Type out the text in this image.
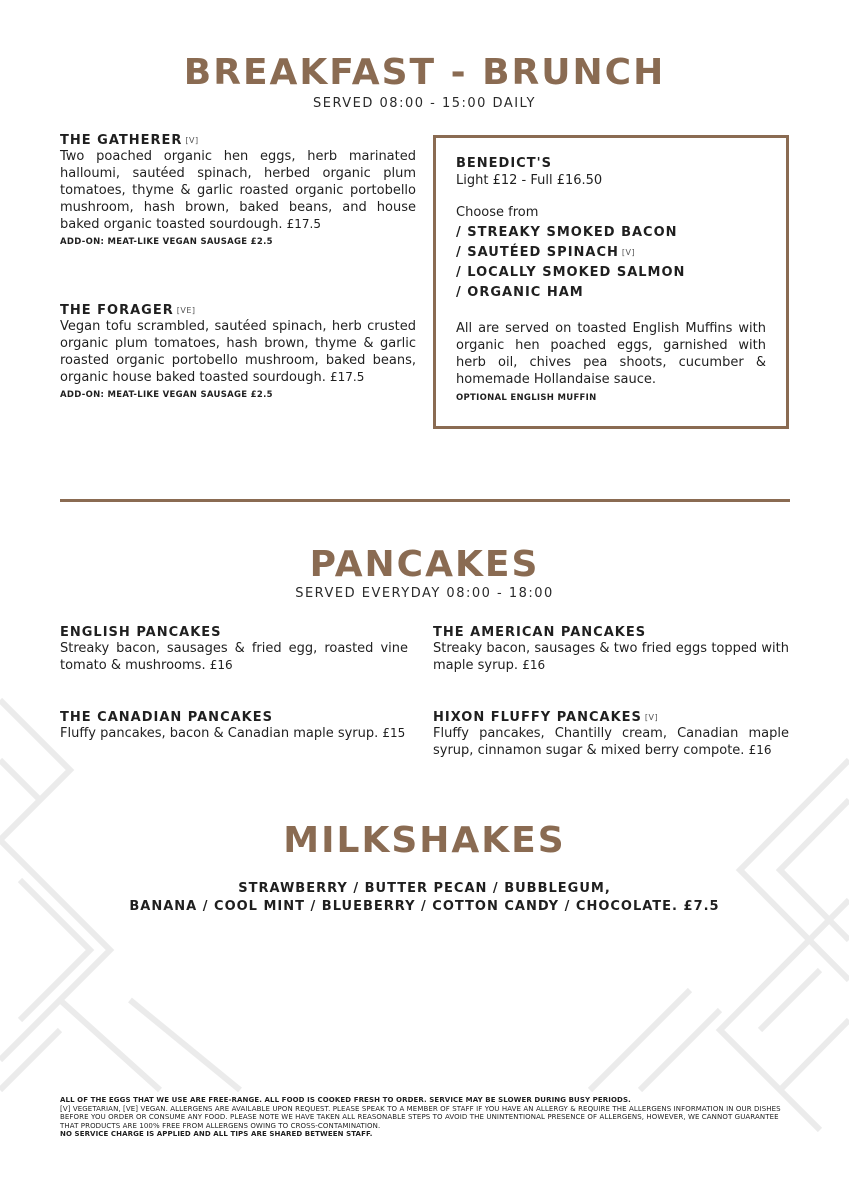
BREAKFAST - BRUNCH
SERVED 08:00 - 15:00 DAILY
THE GATHERER [V]
Two poached organic hen eggs, herb marinated halloumi, sautéed spinach, herbed organic plum tomatoes, thyme & garlic roasted organic portobello mushroom, hash brown, baked beans, and house baked organic toasted sourdough. £17.5
ADD-ON: MEAT-LIKE VEGAN SAUSAGE £2.5
THE FORAGER [VE]
Vegan tofu scrambled, sautéed spinach, herb crusted organic plum tomatoes, hash brown, thyme & garlic roasted organic portobello mushroom, baked beans, organic house baked toasted sourdough. £17.5
ADD-ON: MEAT-LIKE VEGAN SAUSAGE £2.5
BENEDICT'S
Light £12 - Full £16.50
Choose from
/ STREAKY SMOKED BACON
/ SAUTÉED SPINACH [V]
/ LOCALLY SMOKED SALMON
/ ORGANIC HAM
All are served on toasted English Muffins with organic hen poached eggs, garnished with herb oil, chives pea shoots, cucumber & homemade Hollandaise sauce.
OPTIONAL ENGLISH MUFFIN
PANCAKES
SERVED EVERYDAY 08:00 - 18:00
ENGLISH PANCAKES
Streaky bacon, sausages & fried egg, roasted vine tomato & mushrooms. £16
THE AMERICAN PANCAKES
Streaky bacon, sausages & two fried eggs topped with maple syrup. £16
THE CANADIAN PANCAKES
Fluffy pancakes, bacon & Canadian maple syrup. £15
HIXON FLUFFY PANCAKES [V]
Fluffy pancakes, Chantilly cream, Canadian maple syrup, cinnamon sugar & mixed berry compote. £16
MILKSHAKES
STRAWBERRY / BUTTER PECAN / BUBBLEGUM,
BANANA / COOL MINT / BLUEBERRY / COTTON CANDY / CHOCOLATE. £7.5
ALL OF THE EGGS THAT WE USE ARE FREE-RANGE. ALL FOOD IS COOKED FRESH TO ORDER. SERVICE MAY BE SLOWER DURING BUSY PERIODS.
[V] VEGETARIAN, [VE] VEGAN. ALLERGENS ARE AVAILABLE UPON REQUEST. PLEASE SPEAK TO A MEMBER OF STAFF IF YOU HAVE AN ALLERGY & REQUIRE THE ALLERGENS INFORMATION IN OUR DISHES BEFORE YOU ORDER OR CONSUME ANY FOOD. PLEASE NOTE WE HAVE TAKEN ALL REASONABLE STEPS TO AVOID THE UNINTENTIONAL PRESENCE OF ALLERGENS, HOWEVER, WE CANNOT GUARANTEE THAT PRODUCTS ARE 100% FREE FROM ALLERGENS OWING TO CROSS-CONTAMINATION.
NO SERVICE CHARGE IS APPLIED AND ALL TIPS ARE SHARED BETWEEN STAFF.
